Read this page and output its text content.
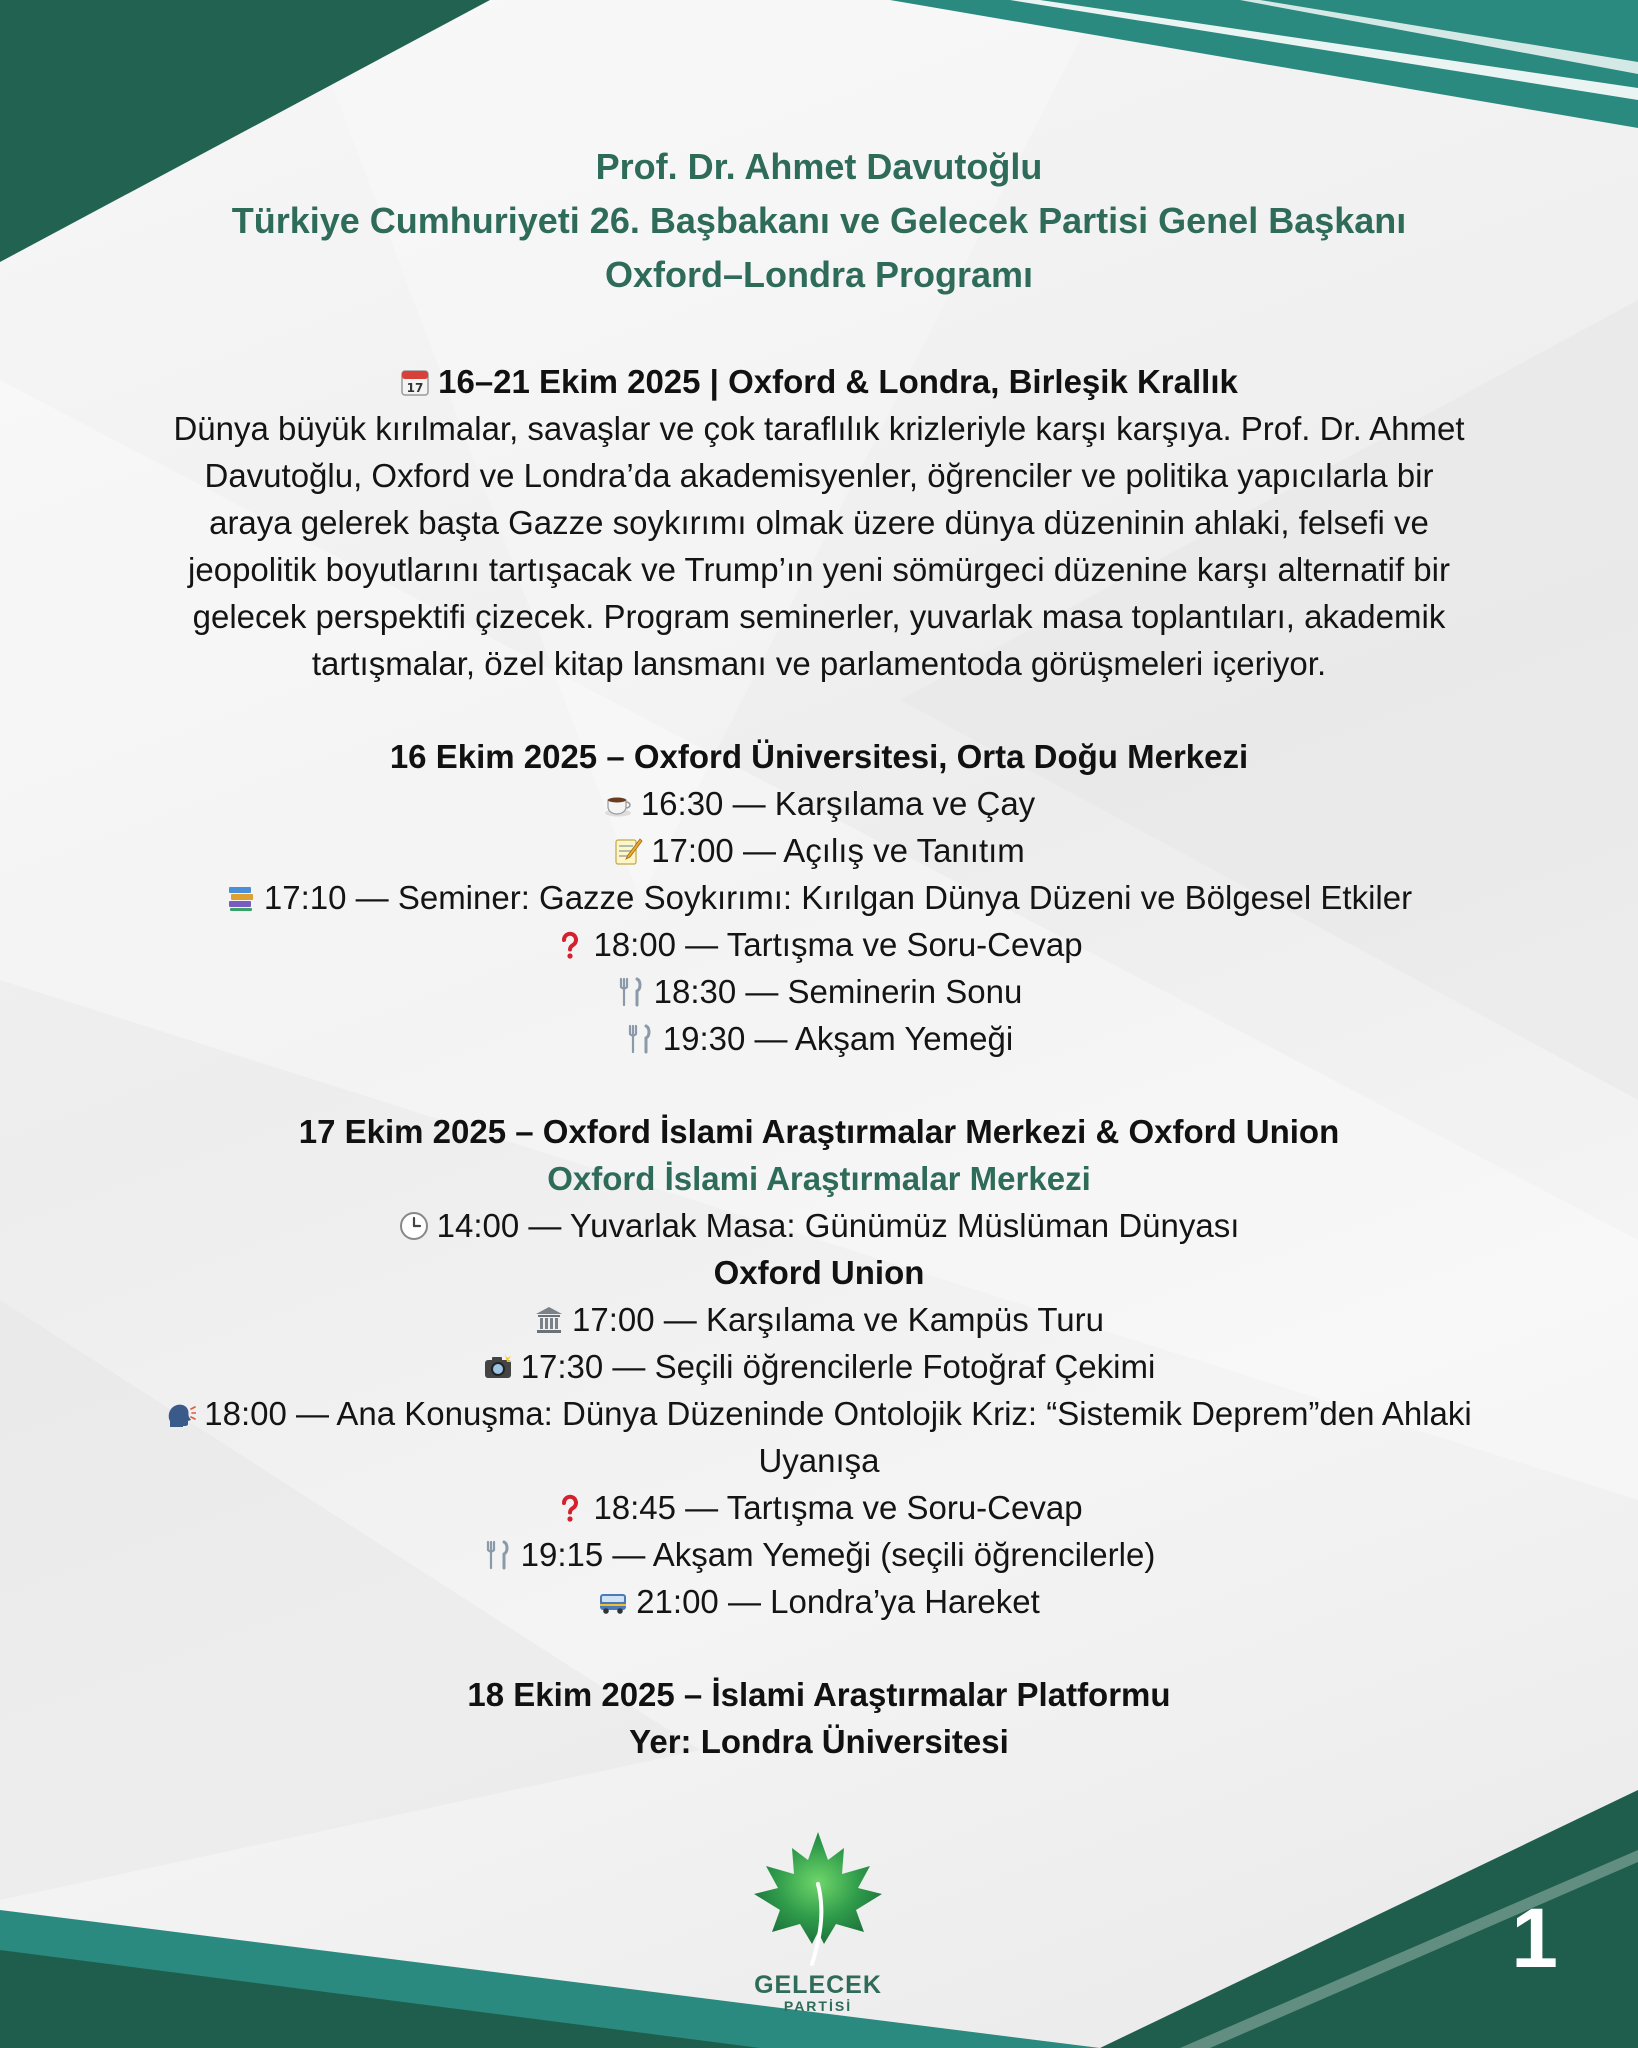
Prof. Dr. Ahmet Davutoğlu
Türkiye Cumhuriyeti 26. Başbakanı ve Gelecek Partisi Genel Başkanı
Oxford–Londra Programı
16–21 Ekim 2025 | Oxford & Londra, Birleşik Krallık
Dünya büyük kırılmalar, savaşlar ve çok taraflılık krizleriyle karşı karşıya. Prof. Dr. Ahmet
Davutoğlu, Oxford ve Londra’da akademisyenler, öğrenciler ve politika yapıcılarla bir
araya gelerek başta Gazze soykırımı olmak üzere dünya düzeninin ahlaki, felsefi ve
jeopolitik boyutlarını tartışacak ve Trump’ın yeni sömürgeci düzenine karşı alternatif bir
gelecek perspektifi çizecek. Program seminerler, yuvarlak masa toplantıları, akademik
tartışmalar, özel kitap lansmanı ve parlamentoda görüşmeleri içeriyor.
16 Ekim 2025 – Oxford Üniversitesi, Orta Doğu Merkezi
16:30 — Karşılama ve Çay
17:00 — Açılış ve Tanıtım
17:10 — Seminer: Gazze Soykırımı: Kırılgan Dünya Düzeni ve Bölgesel Etkiler
18:00 — Tartışma ve Soru-Cevap
18:30 — Seminerin Sonu
19:30 — Akşam Yemeği
17 Ekim 2025 – Oxford İslami Araştırmalar Merkezi & Oxford Union
Oxford İslami Araştırmalar Merkezi
14:00 — Yuvarlak Masa: Günümüz Müslüman Dünyası
Oxford Union
17:00 — Karşılama ve Kampüs Turu
17:30 — Seçili öğrencilerle Fotoğraf Çekimi
18:00 — Ana Konuşma: Dünya Düzeninde Ontolojik Kriz: “Sistemik Deprem”den Ahlaki Uyanışa
18:45 — Tartışma ve Soru-Cevap
19:15 — Akşam Yemeği (seçili öğrencilerle)
21:00 — Londra’ya Hareket
18 Ekim 2025 – İslami Araştırmalar Platformu
Yer: Londra Üniversitesi
GELECEK
PARTİSİ
1
